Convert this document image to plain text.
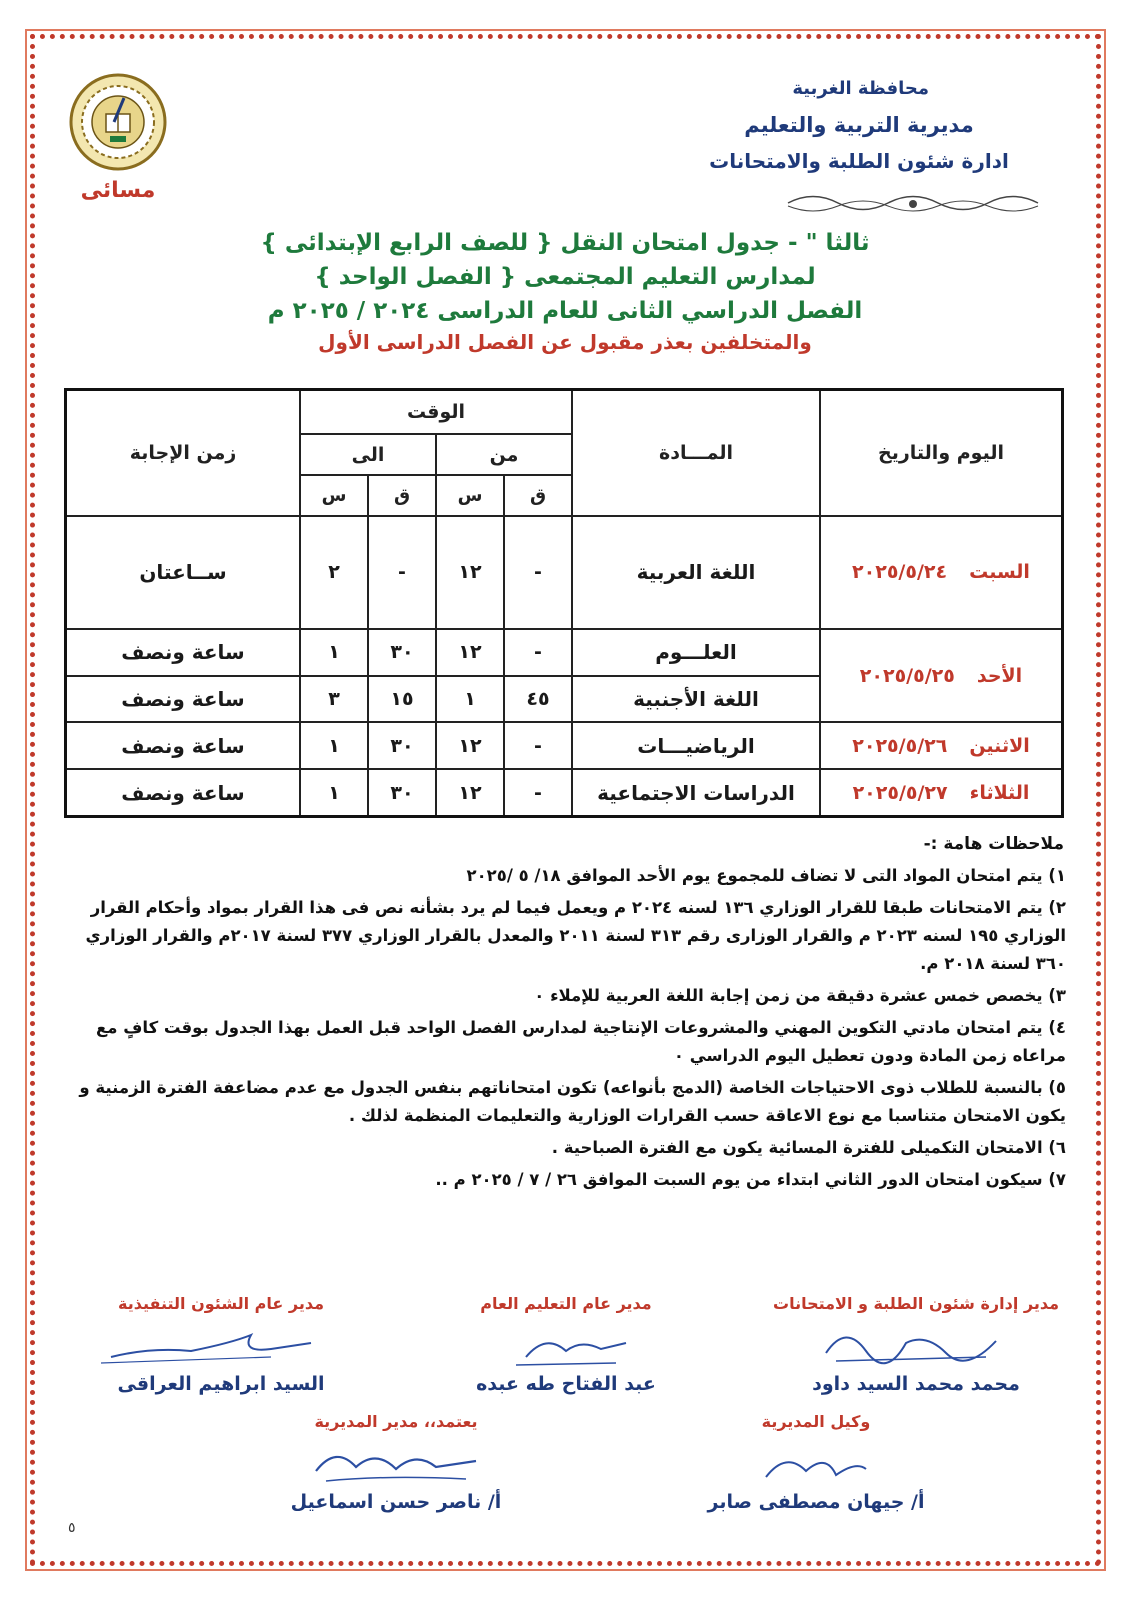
محافظة الغربية
مديرية التربية والتعليم
ادارة شئون الطلبة والامتحانات
مسائى
ثالثا " - جدول امتحان النقل { للصف الرابع الإبتدائى }
لمدارس التعليم المجتمعى { الفصل الواحد }
الفصل الدراسي الثانى للعام الدراسى ٢٠٢٤ / ٢٠٢٥ م
والمتخلفين بعذر مقبول عن الفصل الدراسى الأول
اليوم والتاريخ	المـــادة	الوقت				زمن الإجابة
		من		الى		
		ق	س	ق	س	
السبت٢٠٢٥/٥/٢٤	اللغة العربية	-	١٢	-	٢	ســاعتان
الأحد٢٠٢٥/٥/٢٥	العلـــوم	-	١٢	٣٠	١	ساعة ونصف
	اللغة الأجنبية	٤٥	١	١٥	٣	ساعة ونصف
الاثنين٢٠٢٥/٥/٢٦	الرياضيـــات	-	١٢	٣٠	١	ساعة ونصف
الثلاثاء٢٠٢٥/٥/٢٧	الدراسات الاجتماعية	-	١٢	٣٠	١	ساعة ونصف
ملاحظات هامة :-
١) يتم امتحان المواد التى لا تضاف للمجموع يوم الأحد الموافق ١٨/ ٥ /٢٠٢٥
٢) يتم الامتحانات طبقا للقرار الوزاري ١٣٦ لسنه ٢٠٢٤ م ويعمل فيما لم يرد بشأنه نص فى هذا القرار بمواد وأحكام القرار الوزاري ١٩٥ لسنه ٢٠٢٣ م والقرار الوزارى رقم ٣١٣ لسنة ٢٠١١ والمعدل بالقرار الوزاري ٣٧٧ لسنة ٢٠١٧م والقرار الوزاري ٣٦٠ لسنة ٢٠١٨ م.
٣) يخصص خمس عشرة دقيقة من زمن إجابة اللغة العربية للإملاء ٠
٤) يتم امتحان مادتي التكوين المهني والمشروعات الإنتاجية لمدارس الفصل الواحد قبل العمل بهذا الجدول بوقت كافٍ مع مراعاه زمن المادة ودون تعطيل اليوم الدراسي ٠
٥) بالنسبة للطلاب ذوى الاحتياجات الخاصة (الدمج بأنواعه) تكون امتحاناتهم بنفس الجدول مع عدم مضاعفة الفترة الزمنية و يكون الامتحان متناسبا مع نوع الاعاقة حسب القرارات الوزارية والتعليمات المنظمة لذلك .
٦) الامتحان التكميلى للفترة المسائية يكون مع الفترة الصباحية .
٧) سيكون امتحان الدور الثاني ابتداء من يوم السبت الموافق ٢٦ / ٧ / ٢٠٢٥ م ..
مدير إدارة شئون الطلبة و الامتحانات
محمد محمد السيد داود
مدير عام التعليم العام
عبد الفتاح طه عبده
مدير عام الشئون التنفيذية
السيد ابراهيم العراقى
وكيل المديرية
أ/ جيهان مصطفى صابر
يعتمد،، مدير المديرية
أ/ ناصر حسن اسماعيل
٥
